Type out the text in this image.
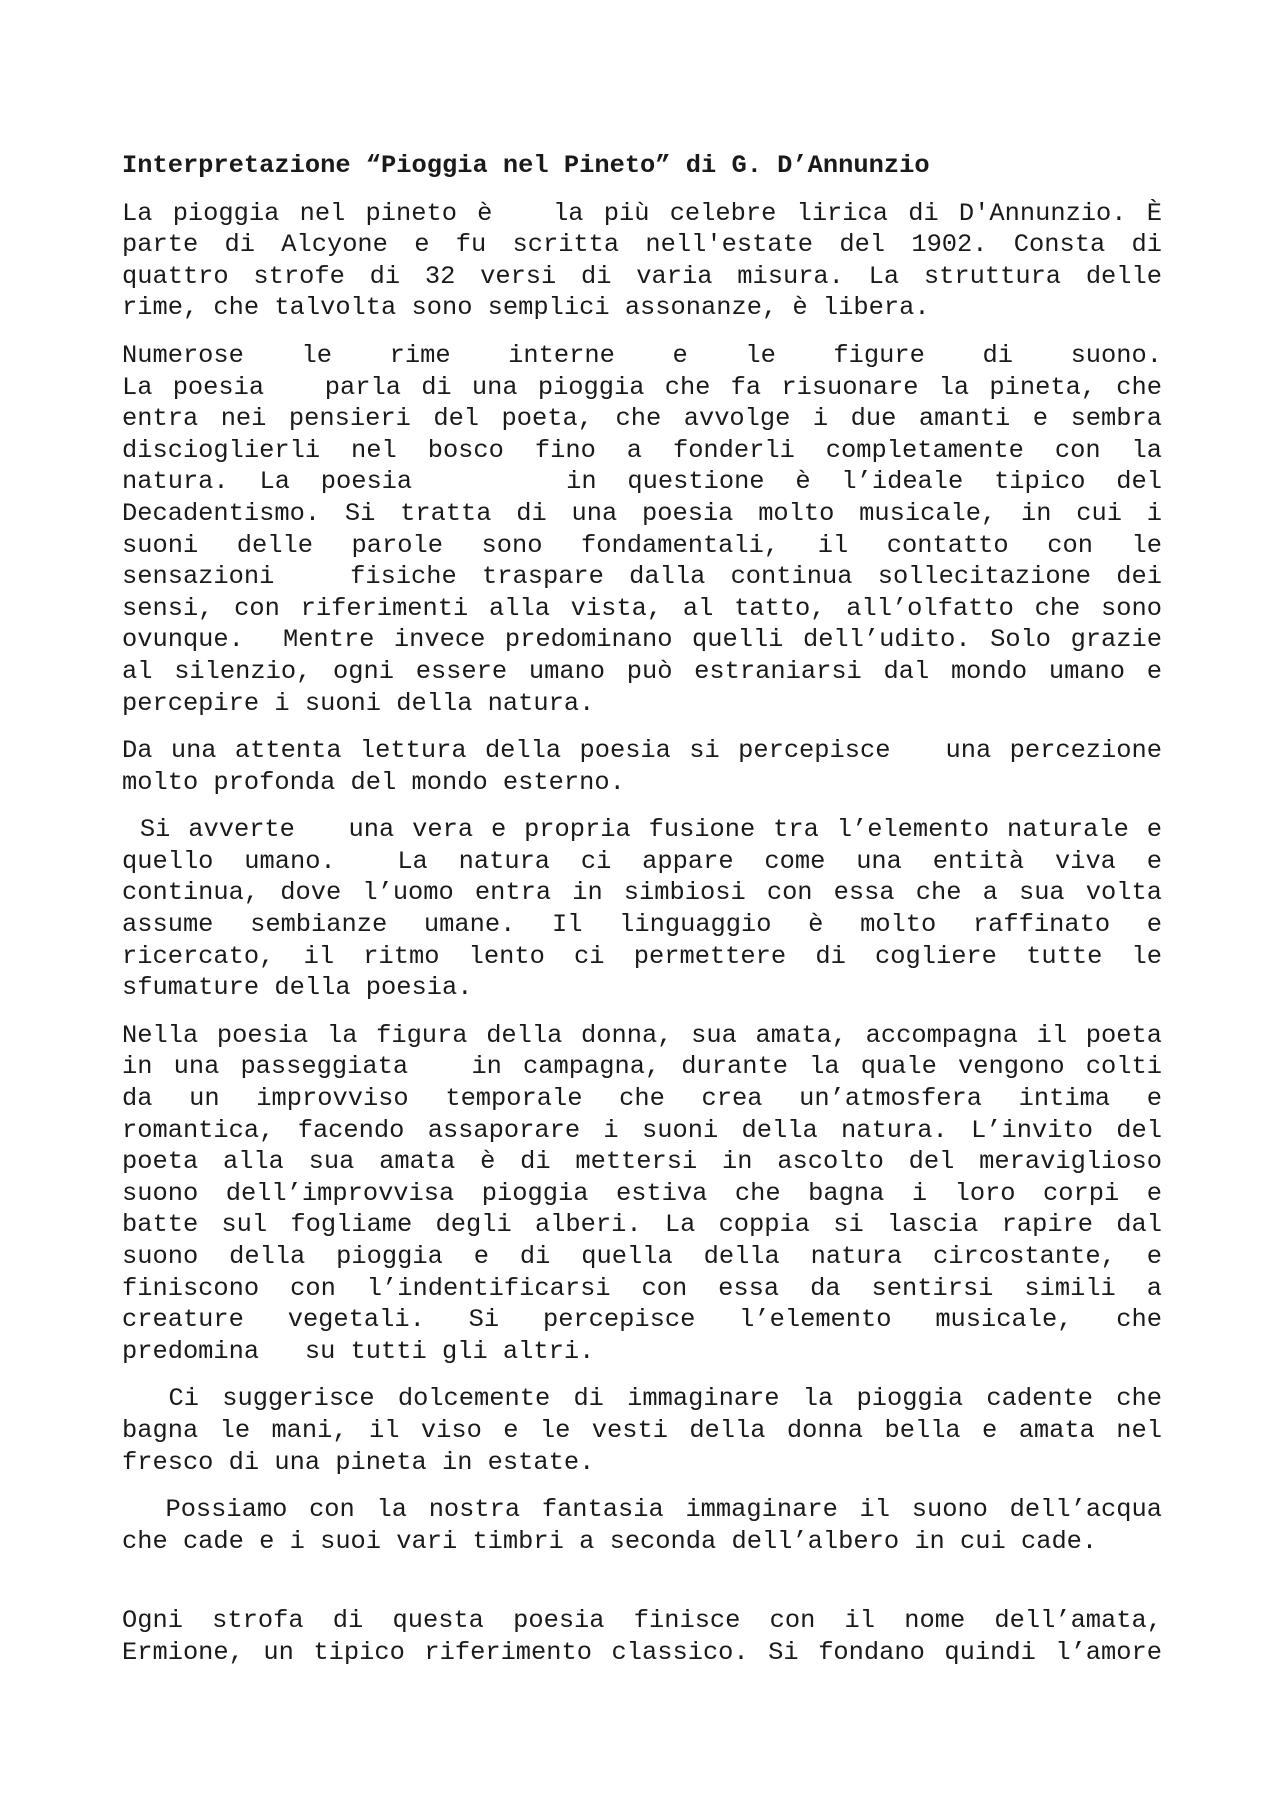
Interpretazione “Pioggia nel Pineto” di G. D’Annunzio
La pioggia nel pineto è   la più celebre lirica di D'Annunzio. È
parte di Alcyone e fu scritta nell'estate del 1902. Consta di
quattro strofe di 32 versi di varia misura. La struttura delle
rime, che talvolta sono semplici assonanze, è libera.
Numerose le rime interne e le figure di suono.
La poesia   parla di una pioggia che fa risuonare la pineta, che
entra nei pensieri del poeta, che avvolge i due amanti e sembra
discioglierli nel bosco fino a fonderli completamente con la
natura. La poesia     in questione è l’ideale tipico del
Decadentismo. Si tratta di una poesia molto musicale, in cui i
suoni delle parole sono fondamentali, il contatto con le
sensazioni   fisiche traspare dalla continua sollecitazione dei
sensi, con riferimenti alla vista, al tatto, all’olfatto che sono
ovunque.  Mentre invece predominano quelli dell’udito. Solo grazie
al silenzio, ogni essere umano può estraniarsi dal mondo umano e
percepire i suoni della natura.
Da una attenta lettura della poesia si percepisce   una percezione
molto profonda del mondo esterno.
Si avverte   una vera e propria fusione tra l’elemento naturale e
quello umano.  La natura ci appare come una entità viva e
continua, dove l’uomo entra in simbiosi con essa che a sua volta
assume sembianze umane. Il linguaggio è molto raffinato e
ricercato, il ritmo lento ci permettere di cogliere tutte le
sfumature della poesia.
Nella poesia la figura della donna, sua amata, accompagna il poeta
in una passeggiata   in campagna, durante la quale vengono colti
da un improvviso temporale che crea un’atmosfera intima e
romantica, facendo assaporare i suoni della natura. L’invito del
poeta alla sua amata è di mettersi in ascolto del meraviglioso
suono dell’improvvisa pioggia estiva che bagna i loro corpi e
batte sul fogliame degli alberi. La coppia si lascia rapire dal
suono della pioggia e di quella della natura circostante, e
finiscono con l’indentificarsi con essa da sentirsi simili a
creature vegetali. Si percepisce l’elemento musicale, che
predomina   su tutti gli altri.
Ci suggerisce dolcemente di immaginare la pioggia cadente che
bagna le mani, il viso e le vesti della donna bella e amata nel
fresco di una pineta in estate.
Possiamo con la nostra fantasia immaginare il suono dell’acqua
che cade e i suoi vari timbri a seconda dell’albero in cui cade.
Ogni strofa di questa poesia finisce con il nome dell’amata,
Ermione, un tipico riferimento classico. Si fondano quindi l’amore
